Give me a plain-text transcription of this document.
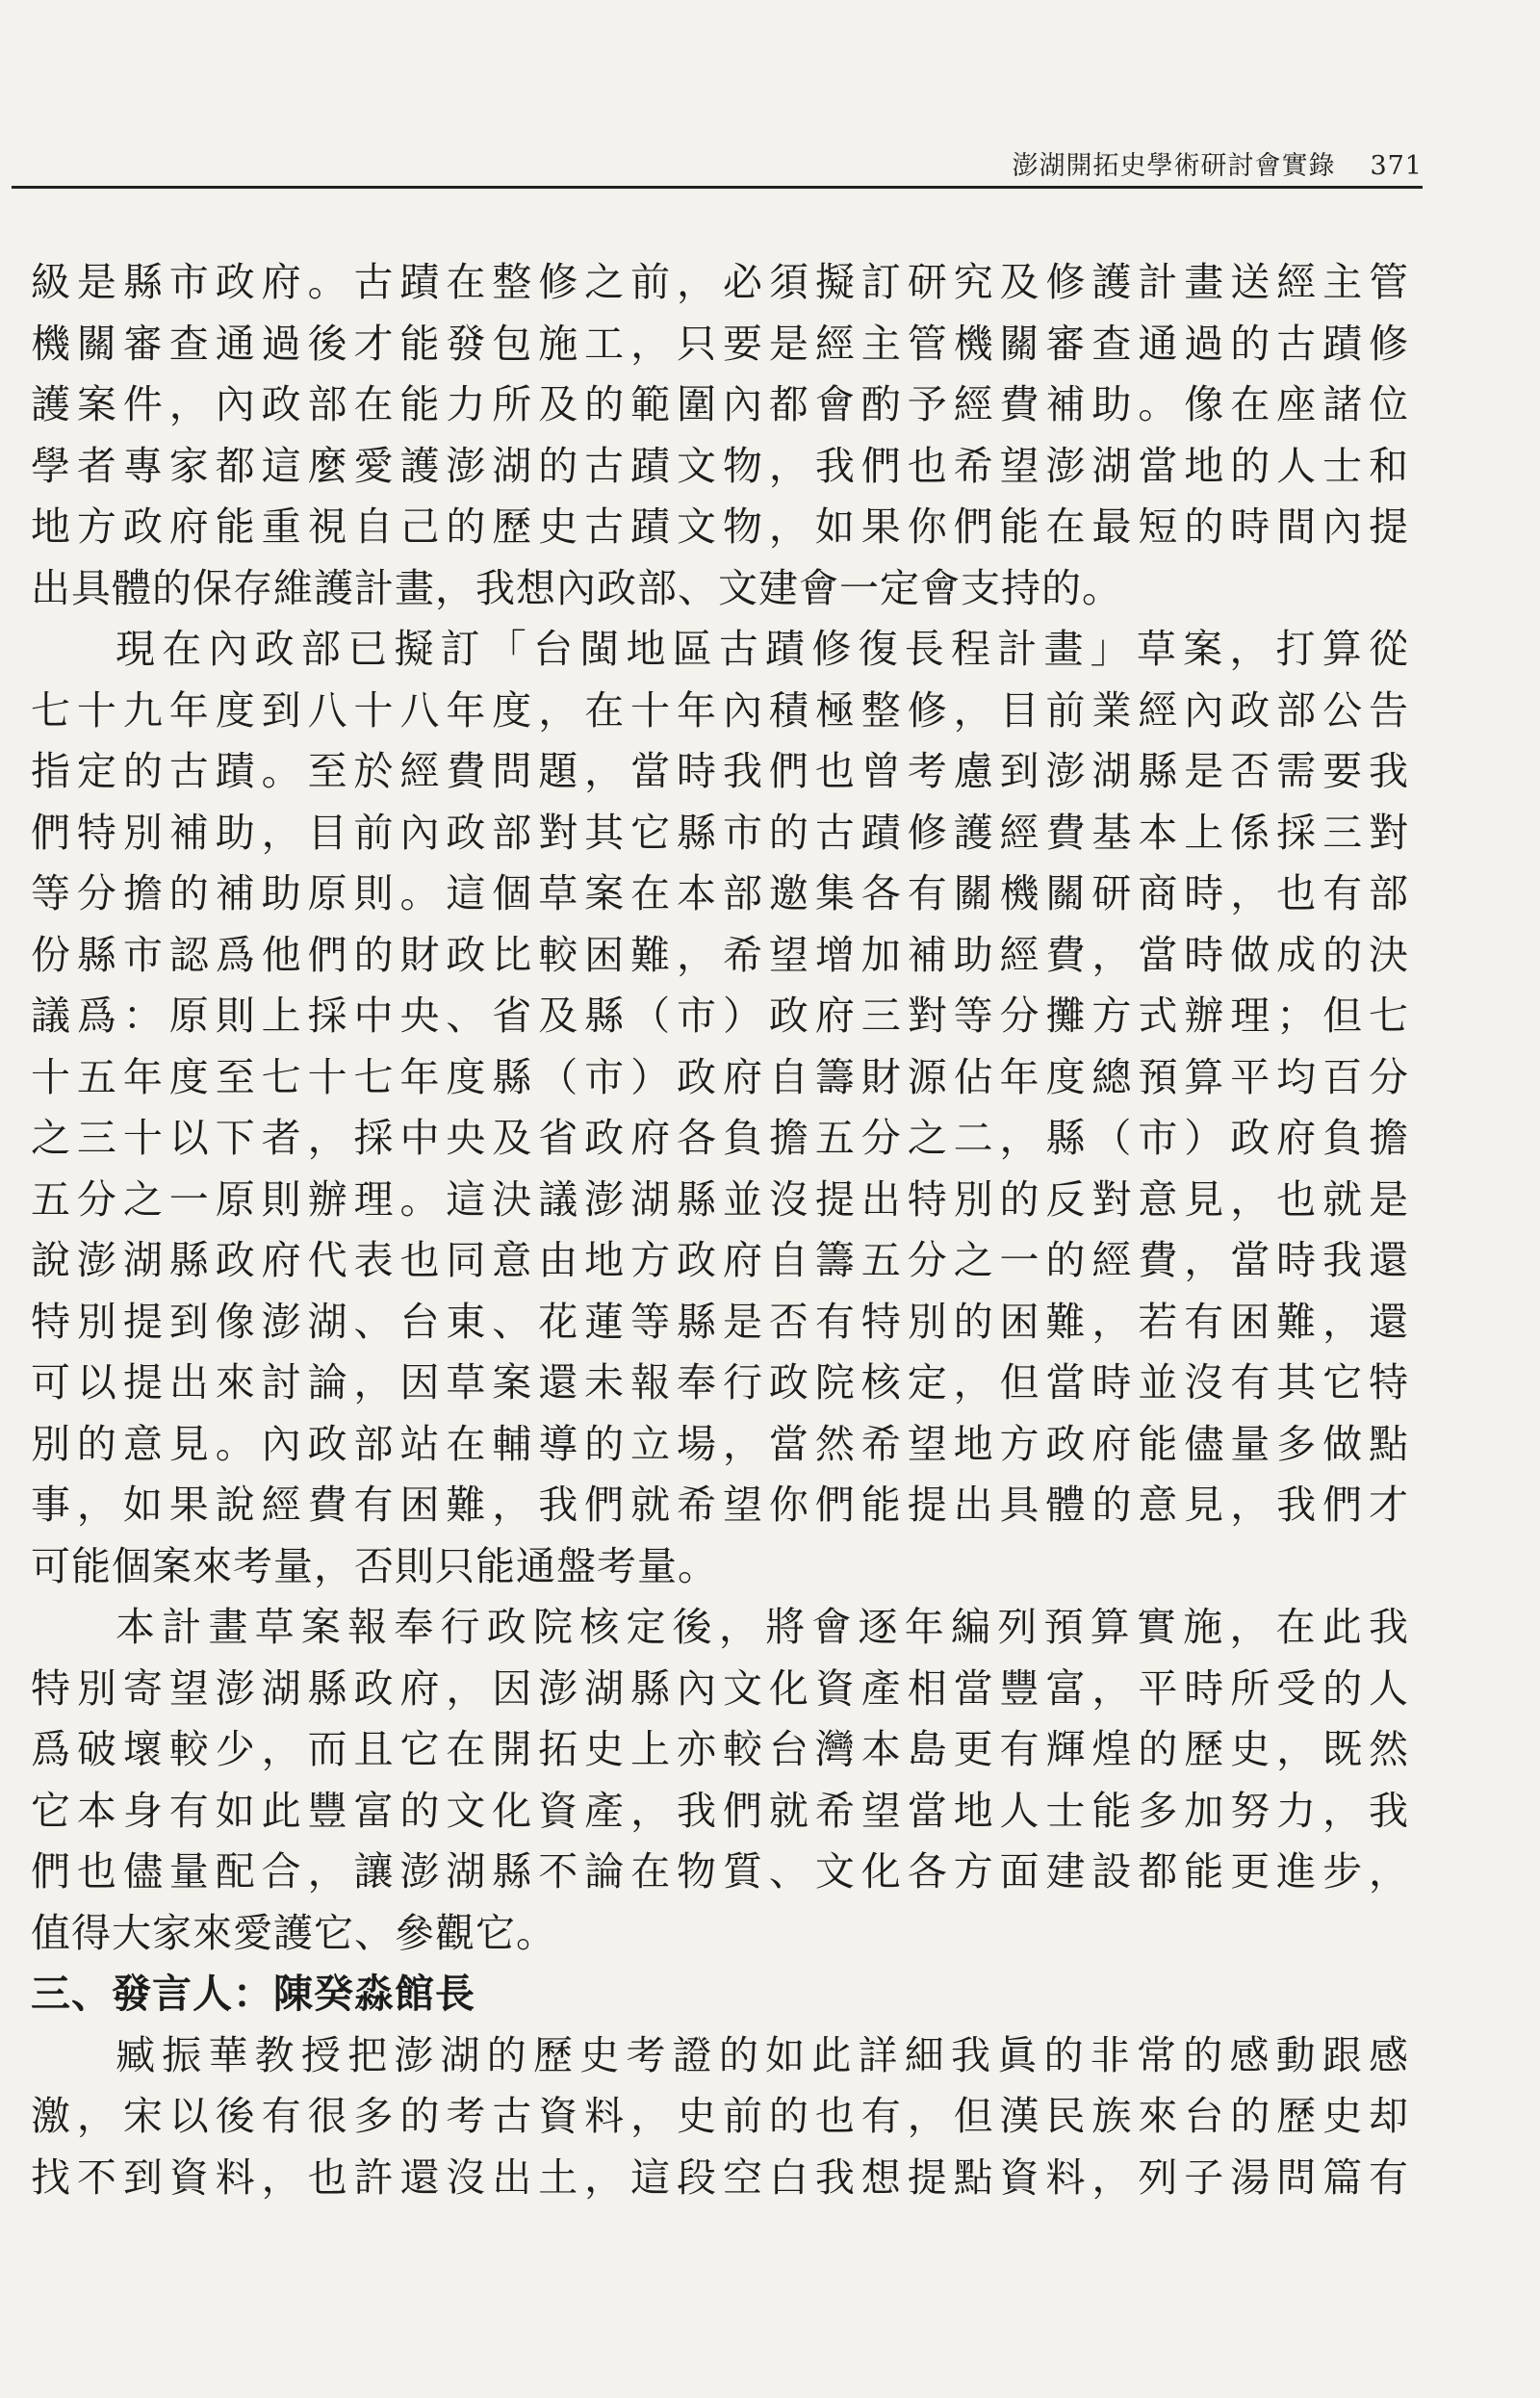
澎湖開拓史學術研討會實錄 371
級是縣市政府。古蹟在整修之前，必須擬訂研究及修護計畫送經主管
機關審查通過後才能發包施工，只要是經主管機關審查通過的古蹟修
護案件，內政部在能力所及的範圍內都會酌予經費補助。像在座諸位
學者專家都這麼愛護澎湖的古蹟文物，我們也希望澎湖當地的人士和
地方政府能重視自己的歷史古蹟文物，如果你們能在最短的時間內提
出具體的保存維護計畫，我想內政部、文建會一定會支持的。
現在內政部已擬訂「台閩地區古蹟修復長程計畫」草案，打算從
七十九年度到八十八年度，在十年內積極整修，目前業經內政部公告
指定的古蹟。至於經費問題，當時我們也曾考慮到澎湖縣是否需要我
們特別補助，目前內政部對其它縣市的古蹟修護經費基本上係採三對
等分擔的補助原則。這個草案在本部邀集各有關機關研商時，也有部
份縣市認爲他們的財政比較困難，希望增加補助經費，當時做成的決
議爲：原則上採中央、省及縣（市）政府三對等分攤方式辦理；但七
十五年度至七十七年度縣（市）政府自籌財源佔年度總預算平均百分
之三十以下者，採中央及省政府各負擔五分之二，縣（市）政府負擔
五分之一原則辦理。這決議澎湖縣並沒提出特別的反對意見，也就是
說澎湖縣政府代表也同意由地方政府自籌五分之一的經費，當時我還
特別提到像澎湖、台東、花蓮等縣是否有特別的困難，若有困難，還
可以提出來討論，因草案還未報奉行政院核定，但當時並沒有其它特
別的意見。內政部站在輔導的立場，當然希望地方政府能儘量多做點
事，如果說經費有困難，我們就希望你們能提出具體的意見，我們才
可能個案來考量，否則只能通盤考量。
本計畫草案報奉行政院核定後，將會逐年編列預算實施，在此我
特別寄望澎湖縣政府，因澎湖縣內文化資產相當豐富，平時所受的人
爲破壞較少，而且它在開拓史上亦較台灣本島更有輝煌的歷史，既然
它本身有如此豐富的文化資產，我們就希望當地人士能多加努力，我
們也儘量配合，讓澎湖縣不論在物質、文化各方面建設都能更進步，
值得大家來愛護它、參觀它。
三、發言人：陳癸淼館長
臧振華教授把澎湖的歷史考證的如此詳細我眞的非常的感動跟感
激，宋以後有很多的考古資料，史前的也有，但漢民族來台的歷史却
找不到資料，也許還沒出土，這段空白我想提點資料，列子湯問篇有
